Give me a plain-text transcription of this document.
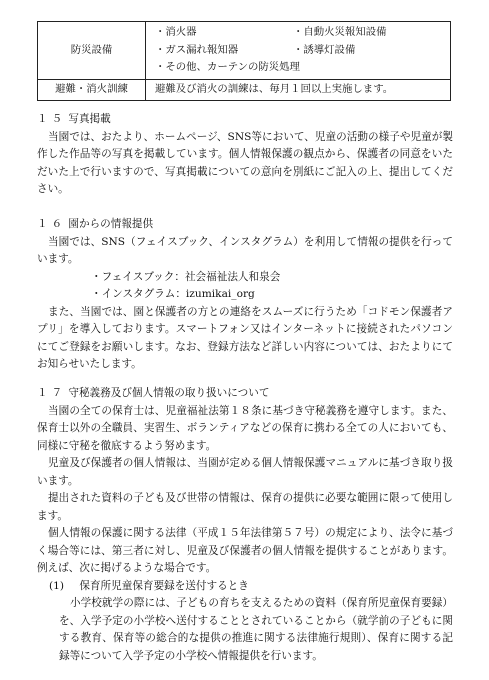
防災設備	・消火器 ・自動火災報知設備
・ガス漏れ報知器 ・誘導灯設備
・その他、カーテンの防災処理

避難・消火訓練	避難及び消火の訓練は、毎月１回以上実施します。
１５ 写真掲載
当園では、おたより、ホームページ、SNS等において、児童の活動の様子や児童が製作した作品等の写真を掲載しています。個人情報保護の観点から、保護者の同意をいただいた上で行いますので、写真掲載についての意向を別紙にご記入の上、提出してください。
１６ 園からの情報提供
当園では、SNS（フェイスブック、インスタグラム）を利用して情報の提供を行っています。
・フェイスブック：社会福祉法人和泉会
・インスタグラム：izumikai_org
また、当園では、園と保護者の方との連絡をスムーズに行うため「コドモン保護者アプリ」を導入しております。スマートフォン又はインターネットに接続されたパソコンにてご登録をお願いします。なお、登録方法など詳しい内容については、おたよりにてお知らせいたします。
１７ 守秘義務及び個人情報の取り扱いについて
当園の全ての保育士は、児童福祉法第１８条に基づき守秘義務を遵守します。また、保育士以外の全職員、実習生、ボランティアなどの保育に携わる全ての人においても、同様に守秘を徹底するよう努めます。
児童及び保護者の個人情報は、当園が定める個人情報保護マニュアルに基づき取り扱います。
提出された資料の子ども及び世帯の情報は、保育の提供に必要な範囲に限って使用します。
個人情報の保護に関する法律（平成１５年法律第５７号）の規定により、法令に基づく場合等には、第三者に対し、児童及び保護者の個人情報を提供することがあります。例えば、次に掲げるような場合です。
(1) 保育所児童保育要録を送付するとき
小学校就学の際には、子どもの育ちを支えるための資料（保育所児童保育要録）を、入学予定の小学校へ送付することとされていることから（就学前の子どもに関する教育、保育等の総合的な提供の推進に関する法律施行規則）、保育に関する記録等について入学予定の小学校へ情報提供を行います。
